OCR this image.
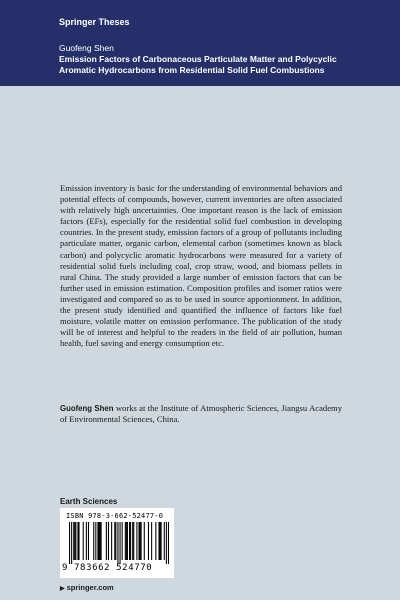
Springer Theses
Guofeng Shen
Emission Factors of Carbonaceous Particulate Matter and Polycyclic
Aromatic Hydrocarbons from Residential Solid Fuel Combustions

Emission inventory is basic for the understanding of environmental behaviors and potential effects of compounds, however, current inventories are often associated with relatively high uncertainties. One important reason is the lack of emission factors (EFs), especially for the residential solid fuel combustion in developing countries. In the present study, emission factors of a group of pollutants including particulate matter, organic carbon, elemental carbon (sometimes known as black carbon) and polycyclic aromatic hydrocarbons were measured for a variety of residential solid fuels including coal, crop straw, wood, and biomass pellets in rural China. The study provided a large number of emission factors that can be further used in emission estimation. Composition profiles and isomer ratios were investigated and compared so as to be used in source apportionment. In addition, the present study identified and quantified the influence of factors like fuel moisture, volatile matter on emission performance. The publication of the study will be of interest and helpful to the readers in the field of air pollution, human health, fuel saving and energy consumption etc.

Guofeng Shen works at the Institute of Atmospheric Sciences, Jiangsu Academy of Environmental Sciences, China.

Earth Sciences
ISBN 978-3-662-52477-0
9 783662 524770
▶ springer.com
